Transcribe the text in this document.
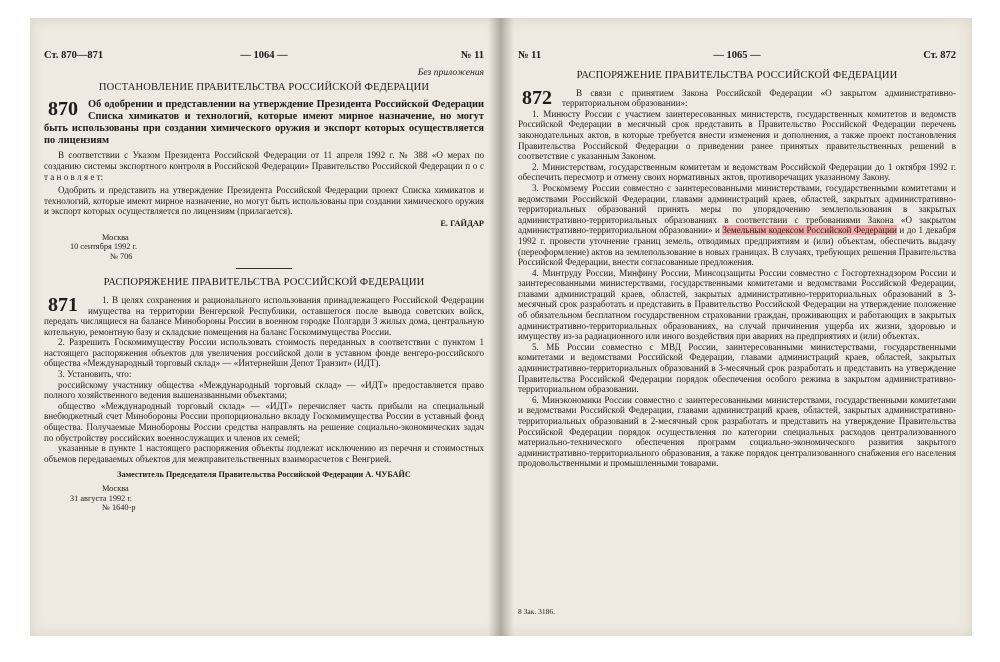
Ст. 870—871	— 1064 —	№ 11
Без приложения
ПОСТАНОВЛЕНИЕ ПРАВИТЕЛЬСТВА РОССИЙСКОЙ ФЕДЕРАЦИИ
870 Об одобрении и представлении на утверждение Президента Российской Федерации Списка химикатов и технологий, которые имеют мирное назначение, но могут быть использованы при создании химического оружия и экспорт которых осуществляется по лицензиям

В соответствии с Указом Президента Российской Федерации от 11 апреля 1992 г. № 388 «О мерах по созданию системы экспортного контроля в Российской Федерации» Правительство Российской Федерации п о с т а н о в л я е т:

Одобрить и представить на утверждение Президента Российской Федерации проект Списка химикатов и технологий, которые имеют мирное назначение, но могут быть использованы при создании химического оружия и экспорт которых осуществляется по лицензиям (прилагается).

Е. ГАЙДАР
Москва
10 сентября 1992 г.
№ 706
РАСПОРЯЖЕНИЕ ПРАВИТЕЛЬСТВА РОССИЙСКОЙ ФЕДЕРАЦИИ
871	1. В целях сохранения и рационального использования принадлежащего Российской Федерации имущества на территории Венгерской Республики, оставшегося после вывода советских войск, передать числящиеся на балансе Минобороны России в военном городке Полгарди 3 жилых дома, центральную котельную, ремонтную базу и складские помещения на баланс Госкомимущества России.

2. Разрешить Госкомимуществу России использовать стоимость переданных в соответствии с пунктом 1 настоящего распоряжения объектов для увеличения российской доли в уставном фонде венгеро-российского общества «Международный торговый склад» — «Интернейшн Депот Транзит» (ИДТ).

3. Установить, что:

российскому участнику общества «Международный торговый склад» — «ИДТ» предоставляется право полного хозяйственного ведения вышеназванными объектами;

общество «Международный торговый склад» — «ИДТ» перечисляет часть прибыли на специальный внебюджетный счет Минобороны России пропорционально вкладу Госкомимущества России в уставный фонд общества. Получаемые Минобороны России средства направлять на решение социально-экономических задач по обустройству российских военнослужащих и членов их семей;

указанные в пункте 1 настоящего распоряжения объекты подлежат исключению из перечня и стоимостных объемов передаваемых объектов для межправительственных взаиморасчетов с Венгрией.

Заместитель Председателя Правительства Российской Федерации А. ЧУБАЙС
Москва
31 августа 1992 г.
№ 1640-р
№ 11	— 1065 —	Ст. 872
РАСПОРЯЖЕНИЕ ПРАВИТЕЛЬСТВА РОССИЙСКОЙ ФЕДЕРАЦИИ
872	В связи с принятием Закона Российской Федерации «О закрытом административно-территориальном образовании»:

1. Минюсту России с участием заинтересованных министерств, государственных комитетов и ведомств Российской Федерации в месячный срок представить в Правительство Российской Федерации перечень законодательных актов, в которые требуется внести изменения и дополнения, а также проект постановления Правительства Российской Федерации о приведении ранее принятых правительственных решений в соответствие с указанным Законом.

2. Министерствам, государственным комитетам и ведомствам Российской Федерации до 1 октября 1992 г. обеспечить пересмотр и отмену своих нормативных актов, противоречащих указанному Закону.

3. Роскомзему России совместно с заинтересованными министерствами, государственными комитетами и ведомствами Российской Федерации, главами администраций краев, областей, закрытых административно-территориальных образований принять меры по упорядочению землепользования в закрытых административно-территориальных образованиях в соответствии с требованиями Закона «О закрытом административно-территориальном образовании» и Земельным кодексом Российской Федерации и до 1 декабря 1992 г. провести уточнение границ земель, отводимых предприятиям и (или) объектам, обеспечить выдачу (переоформление) актов на землепользование в новых границах. В случаях, требующих решения Правительства Российской Федерации, внести согласованные предложения.

4. Минтруду России, Минфину России, Минсоцзащиты России совместно с Госгортехнадзором России и заинтересованными министерствами, государственными комитетами и ведомствами Российской Федерации, главами администраций краев, областей, закрытых административно-территориальных образований в 3-месячный срок разработать и представить в Правительство Российской Федерации на утверждение положение об обязательном бесплатном государственном страховании граждан, проживающих и работающих в закрытых административно-территориальных образованиях, на случай причинения ущерба их жизни, здоровью и имуществу из-за радиационного или иного воздействия при авариях на предприятиях и (или) объектах.

5. МБ России совместно с МВД России, заинтересованными министерствами, государственными комитетами и ведомствами Российской Федерации, главами администраций краев, областей, закрытых административно-территориальных образований в 3-месячный срок разработать и представить на утверждение Правительства Российской Федерации порядок обеспечения особого режима в закрытом административно-территориальном образовании.

6. Минэкономики России совместно с заинтересованными министерствами, государственными комитетами и ведомствами Российской Федерации, главами администраций краев, областей, закрытых административно-территориальных образований в 2-месячный срок разработать и представить на утверждение Правительства Российской Федерации порядок осуществления по категории специальных расходов централизованного материально-технического обеспечения программ социально-экономического развития закрытого административно-территориального образования, а также порядок централизованного снабжения его населения продовольственными и промышленными товарами.

8 Зак. 3186.
